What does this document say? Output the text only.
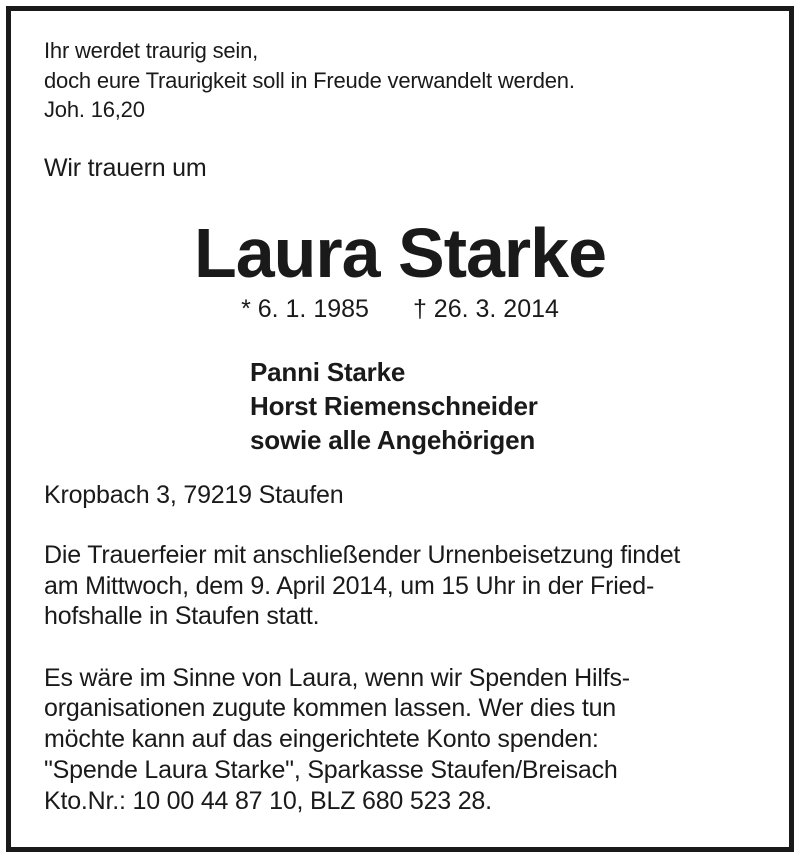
Ihr werdet traurig sein,
doch eure Traurigkeit soll in Freude verwandelt werden.
Joh. 16,20
Wir trauern um
Laura Starke
* 6. 1. 1985 † 26. 3. 2014
Panni Starke
Horst Riemenschneider
sowie alle Angehörigen
Kropbach 3, 79219 Staufen
Die Trauerfeier mit anschließender Urnenbeisetzung findet
am Mittwoch, dem 9. April 2014, um 15 Uhr in der Fried-
hofshalle in Staufen statt.
Es wäre im Sinne von Laura, wenn wir Spenden Hilfs-
organisationen zugute kommen lassen. Wer dies tun
möchte kann auf das eingerichtete Konto spenden:
"Spende Laura Starke", Sparkasse Staufen/Breisach
Kto.Nr.: 10 00 44 87 10, BLZ 680 523 28.
